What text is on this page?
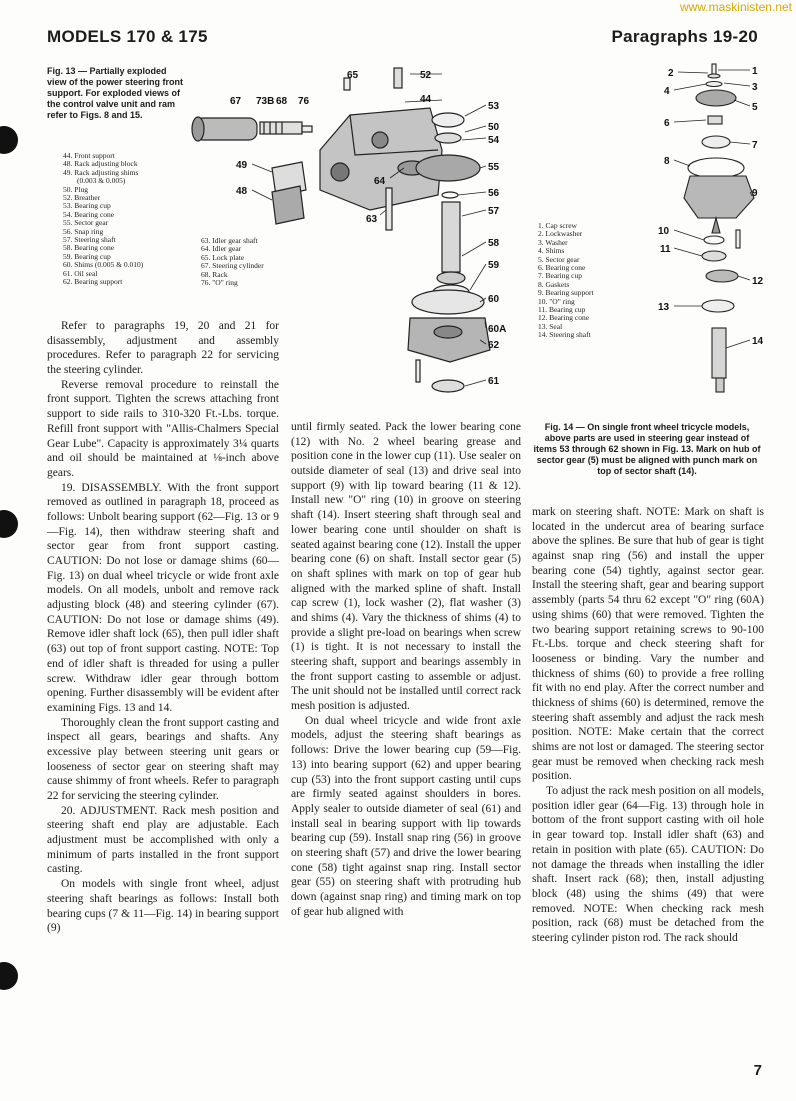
www.maskinisten.net
MODELS 170 & 175	Paragraphs 19-20
Fig. 13 — Partially exploded view of the power steering front support. For exploded views of the control valve unit and ram refer to Figs. 8 and 15.
44. Front support
48. Rack adjusting block
49. Rack adjusting shims
(0.003 & 0.005)
50. Plug
52. Breather
53. Bearing cup
54. Bearing cone
55. Sector gear
56. Snap ring
57. Steering shaft
58. Bearing cone
59. Bearing cup
60. Shims (0.005 & 0.010)
61. Oil seal
62. Bearing support
63. Idler gear shaft
64. Idler gear
65. Lock plate
67. Steering cylinder
68. Rack
76. "O" ring
67 73B 68 76
65	52
44
53
50
54
55
49
48
64
56
57
63
58
59
60
60A
62
61
1. Cap screw
2. Lockwasher
3. Washer
4. Shims
5. Sector gear
6. Bearing cone
7. Bearing cup
8. Gaskets
9. Bearing support
10. "O" ring
11. Bearing cup
12. Bearing cone
13. Seal
14. Steering shaft
2	1
4	3
5
6
7
8
9
10
11
12
13
14
Fig. 14 — On single front wheel tricycle models, above parts are used in steering gear instead of items 53 through 62 shown in Fig. 13. Mark on hub of sector gear (5) must be aligned with punch mark on top of sector shaft (14).

Refer to paragraphs 19, 20 and 21 for disassembly, adjustment and assembly procedures. Refer to paragraph 22 for servicing the steering cylinder.

Reverse removal procedure to reinstall the front support. Tighten the screws attaching front support to side rails to 310-320 Ft.-Lbs. torque. Refill front support with "Allis-Chalmers Special Gear Lube". Capacity is approximately 3¼ quarts and oil should be maintained at ⅛-inch above gears.

19. DISASSEMBLY. With the front support removed as outlined in paragraph 18, proceed as follows: Unbolt bearing support (62—Fig. 13 or 9—Fig. 14), then withdraw steering shaft and sector gear from front support casting. CAUTION: Do not lose or damage shims (60—Fig. 13) on dual wheel tricycle or wide front axle models. On all models, unbolt and remove rack adjusting block (48) and steering cylinder (67). CAUTION: Do not lose or damage shims (49). Remove idler shaft lock (65), then pull idler shaft (63) out top of front support casting. NOTE: Top end of idler shaft is threaded for using a puller screw. Withdraw idler gear through bottom opening. Further disassembly will be evident after examining Figs. 13 and 14.

Thoroughly clean the front support casting and inspect all gears, bearings and shafts. Any excessive play between steering unit gears or looseness of sector gear on steering shaft may cause shimmy of front wheels. Refer to paragraph 22 for servicing the steering cylinder.

20. ADJUSTMENT. Rack mesh position and steering shaft end play are adjustable. Each adjustment must be accomplished with only a minimum of parts installed in the front support casting.

On models with single front wheel, adjust steering shaft bearings as follows: Install both bearing cups (7 & 11—Fig. 14) in bearing support (9)

until firmly seated. Pack the lower bearing cone (12) with No. 2 wheel bearing grease and position cone in the lower cup (11). Use sealer on outside diameter of seal (13) and drive seal into support (9) with lip toward bearing (11 & 12). Install new "O" ring (10) in groove on steering shaft (14). Insert steering shaft through seal and lower bearing cone until shoulder on shaft is seated against bearing cone (12). Install the upper bearing cone (6) on shaft. Install sector gear (5) on shaft splines with mark on top of gear hub aligned with the marked spline of shaft. Install cap screw (1), lock washer (2), flat washer (3) and shims (4). Vary the thickness of shims (4) to provide a slight pre-load on bearings when screw (1) is tight. It is not necessary to install the steering shaft, support and bearings assembly in the front support casting to assemble or adjust. The unit should not be installed until correct rack mesh position is adjusted.

On dual wheel tricycle and wide front axle models, adjust the steering shaft bearings as follows: Drive the lower bearing cup (59—Fig. 13) into bearing support (62) and upper bearing cup (53) into the front support casting until cups are firmly seated against shoulders in bores. Apply sealer to outside diameter of seal (61) and install seal in bearing support with lip towards bearing cup (59). Install snap ring (56) in groove on steering shaft (57) and drive the lower bearing cone (58) tight against snap ring. Install sector gear (55) on steering shaft with protruding hub down (against snap ring) and timing mark on top of gear hub aligned with

mark on steering shaft. NOTE: Mark on shaft is located in the undercut area of bearing surface above the splines. Be sure that hub of gear is tight against snap ring (56) and install the upper bearing cone (54) tightly, against sector gear. Install the steering shaft, gear and bearing support assembly (parts 54 thru 62 except "O" ring (60A) using shims (60) that were removed. Tighten the two bearing support retaining screws to 90-100 Ft.-Lbs. torque and check steering shaft for looseness or binding. Vary the number and thickness of shims (60) to provide a free rolling fit with no end play. After the correct number and thickness of shims (60) is determined, remove the steering shaft assembly and adjust the rack mesh position. NOTE: Make certain that the correct shims are not lost or damaged. The steering sector gear must be removed when checking rack mesh position.

To adjust the rack mesh position on all models, position idler gear (64—Fig. 13) through hole in bottom of the front support casting with oil hole in gear toward top. Install idler shaft (63) and retain in position with plate (65). CAUTION: Do not damage the threads when installing the idler shaft. Insert rack (68); then, install adjusting block (48) using the shims (49) that were removed. NOTE: When checking rack mesh position, rack (68) must be detached from the steering cylinder piston rod. The rack should

7
